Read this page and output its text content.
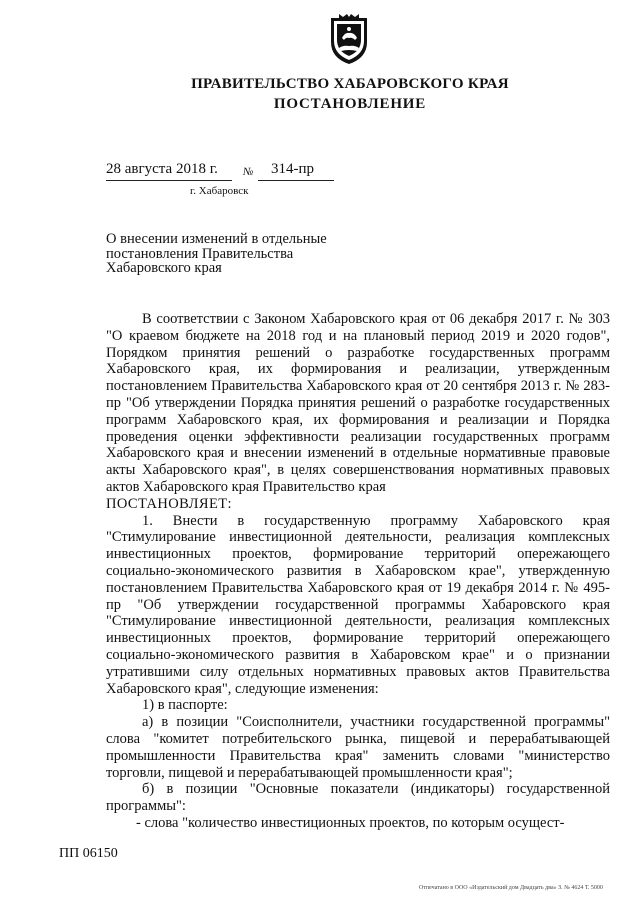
ПРАВИТЕЛЬСТВО ХАБАРОВСКОГО КРАЯ
ПОСТАНОВЛЕНИЕ
28 августа 2018 г. № 314-пр
г. Хабаровск
О внесении изменений в отдельные постановления Правительства Хабаровского края

В соответствии с Законом Хабаровского края от 06 декабря 2017 г. № 303 "О краевом бюджете на 2018 год и на плановый период 2019 и 2020 годов", Порядком принятия решений о разработке государственных программ Хабаровского края, их формирования и реализации, утвержденным постановлением Правительства Хабаровского края от 20 сентября 2013 г. № 283-пр "Об утверждении Порядка принятия решений о разработке государственных программ Хабаровского края, их формирования и реализации и Порядка проведения оценки эффективности реализации государственных программ Хабаровского края и внесении изменений в отдельные нормативные правовые акты Хабаровского края", в целях совершенствования нормативных правовых актов Хабаровского края Правительство края

ПОСТАНОВЛЯЕТ:

1. Внести в государственную программу Хабаровского края "Стимулирование инвестиционной деятельности, реализация комплексных инвестиционных проектов, формирование территорий опережающего социально-экономического развития в Хабаровском крае", утвержденную постановлением Правительства Хабаровского края от 19 декабря 2014 г. № 495-пр "Об утверждении государственной программы Хабаровского края "Стимулирование инвестиционной деятельности, реализация комплексных инвестиционных проектов, формирование территорий опережающего социально-экономического развития в Хабаровском крае" и о признании утратившими силу отдельных нормативных правовых актов Правительства Хабаровского края", следующие изменения:

1) в паспорте:

а) в позиции "Соисполнители, участники государственной программы" слова "комитет потребительского рынка, пищевой и перерабатывающей промышленности Правительства края" заменить словами "министерство торговли, пищевой и перерабатывающей промышленности края";

б) в позиции "Основные показатели (индикаторы) государственной программы":

- слова "количество инвестиционных проектов, по которым осущест-

ПП 06150
Отпечатано в ООО «Издательский дом Двадцать два» З. № 4624 Т. 5000
